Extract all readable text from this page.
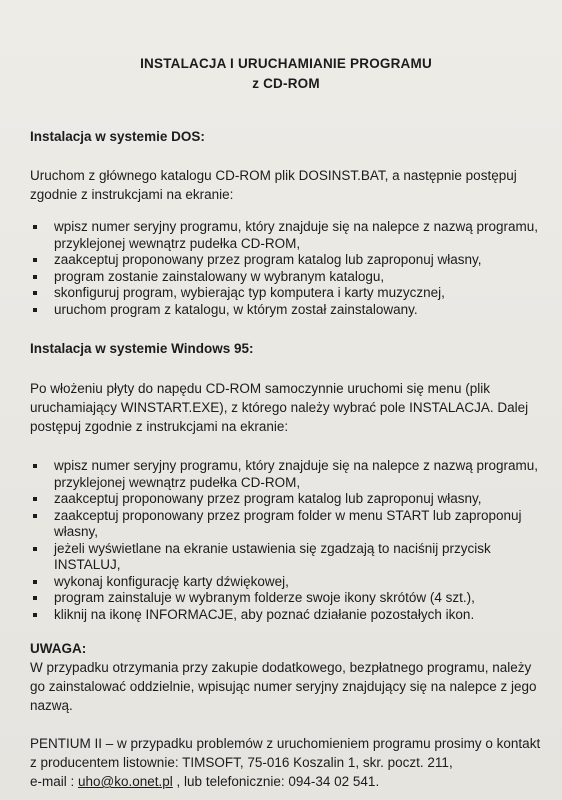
INSTALACJA I URUCHAMIANIE PROGRAMU
z CD-ROM
Instalacja w systemie DOS:

Uruchom z głównego katalogu CD-ROM plik DOSINST.BAT, a następnie postępuj zgodnie z instrukcjami na ekranie:

wpisz numer seryjny programu, który znajduje się na nalepce z nazwą programu, przyklejonej wewnątrz pudełka CD-ROM,
zaakceptuj proponowany przez program katalog lub zaproponuj własny,
program zostanie zainstalowany w wybranym katalogu,
skonfiguruj program, wybierając typ komputera i karty muzycznej,
uruchom program z katalogu, w którym został zainstalowany.
Instalacja w systemie Windows 95:

Po włożeniu płyty do napędu CD-ROM samoczynnie uruchomi się menu (plik uruchamiający WINSTART.EXE), z którego należy wybrać pole INSTALACJA. Dalej postępuj zgodnie z instrukcjami na ekranie:

wpisz numer seryjny programu, który znajduje się na nalepce z nazwą programu, przyklejonej wewnątrz pudełka CD-ROM,
zaakceptuj proponowany przez program katalog lub zaproponuj własny,
zaakceptuj proponowany przez program folder w menu START lub zaproponuj własny,
jeżeli wyświetlane na ekranie ustawienia się zgadzają to naciśnij przycisk INSTALUJ,
wykonaj konfigurację karty dźwiękowej,
program zainstaluje w wybranym folderze swoje ikony skrótów (4 szt.),
kliknij na ikonę INFORMACJE, aby poznać działanie pozostałych ikon.
UWAGA:

W przypadku otrzymania przy zakupie dodatkowego, bezpłatnego programu, należy go zainstalować oddzielnie, wpisując numer seryjny znajdujący się na nalepce z jego nazwą.

PENTIUM II – w przypadku problemów z uruchomieniem programu prosimy o kontakt z producentem listownie: TIMSOFT, 75-016 Koszalin 1, skr. poczt. 211,

e-mail : uho@ko.onet.pl , lub telefonicznie: 094-34 02 541.
